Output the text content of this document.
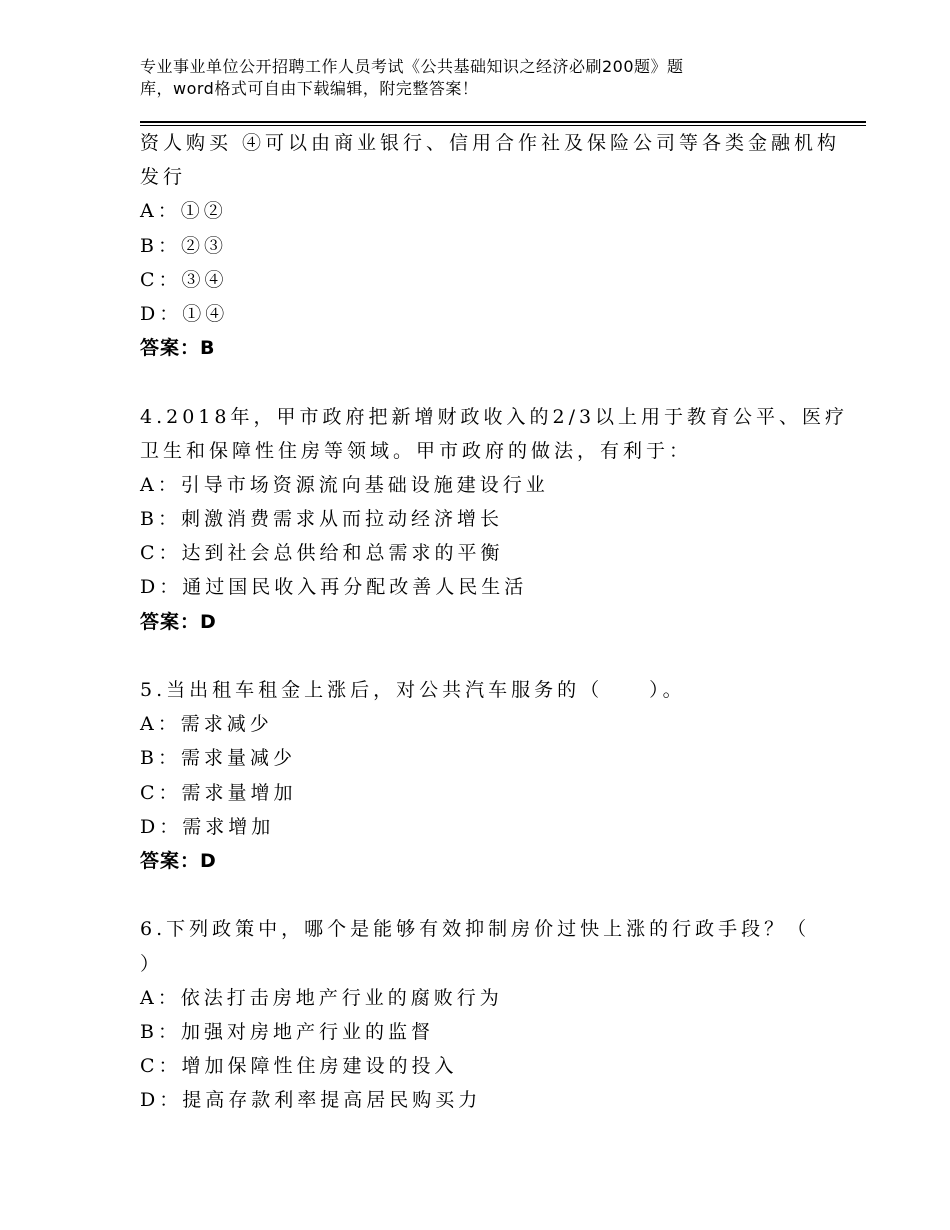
专业事业单位公开招聘工作人员考试《公共基础知识之经济必刷200题》题
库，word格式可自由下载编辑，附完整答案！
资人购买 ④可以由商业银行、信用合作社及保险公司等各类金融机构
发行
A：①②
B：②③
C：③④
D：①④
答案：B
4.2018年，甲市政府把新增财政收入的2/3以上用于教育公平、医疗
卫生和保障性住房等领域。甲市政府的做法，有利于：
A：引导市场资源流向基础设施建设行业
B：刺激消费需求从而拉动经济增长
C：达到社会总供给和总需求的平衡
D：通过国民收入再分配改善人民生活
答案：D
5.当出租车租金上涨后，对公共汽车服务的（　　）。
A：需求减少
B：需求量减少
C：需求量增加
D：需求增加
答案：D
6.下列政策中，哪个是能够有效抑制房价过快上涨的行政手段？（
）
A：依法打击房地产行业的腐败行为
B：加强对房地产行业的监督
C：增加保障性住房建设的投入
D：提高存款利率提高居民购买力
